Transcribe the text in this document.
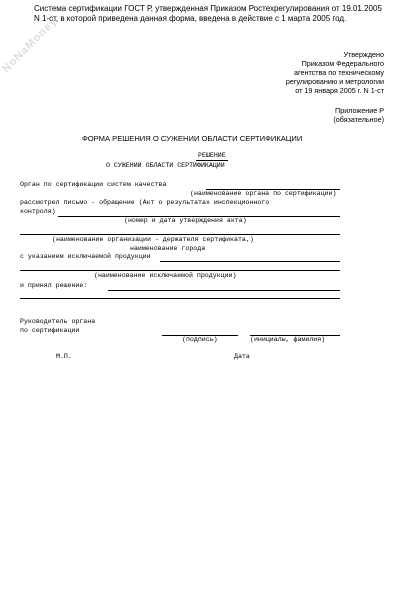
NoNaMoney
Система сертификации ГОСТ Р, утвержденная Приказом Ростехрегулирования от 19.01.2005
N 1-ст, в которой приведена данная форма, введена в действие с 1 марта 2005 год.
Утверждено
Приказом Федерального
агентства по техническому
регулированию и метрологии
от 19 января 2005 г. N 1-ст
Приложение Р
(обязательное)
ФОРМА РЕШЕНИЯ О СУЖЕНИИ ОБЛАСТИ СЕРТИФИКАЦИИ
РЕШЕНИЕ
О СУЖЕНИИ ОБЛАСТИ СЕРТИФИКАЦИИ
Орган по сертификации систем качества
(наименование органа по сертификации)
рассмотрел письмо - обращение (Акт о результатах инспекционного
контроля)
(номер и дата утверждения акта)
(наименование организации - держателя сертификата,)
наименование города
с указанием исключаемой продукции
(наименование исключаемой продукции)
и принял решение:
Руководитель органа
по сертификации
(подпись)	(инициалы, фамилия)
М.П.	Дата
